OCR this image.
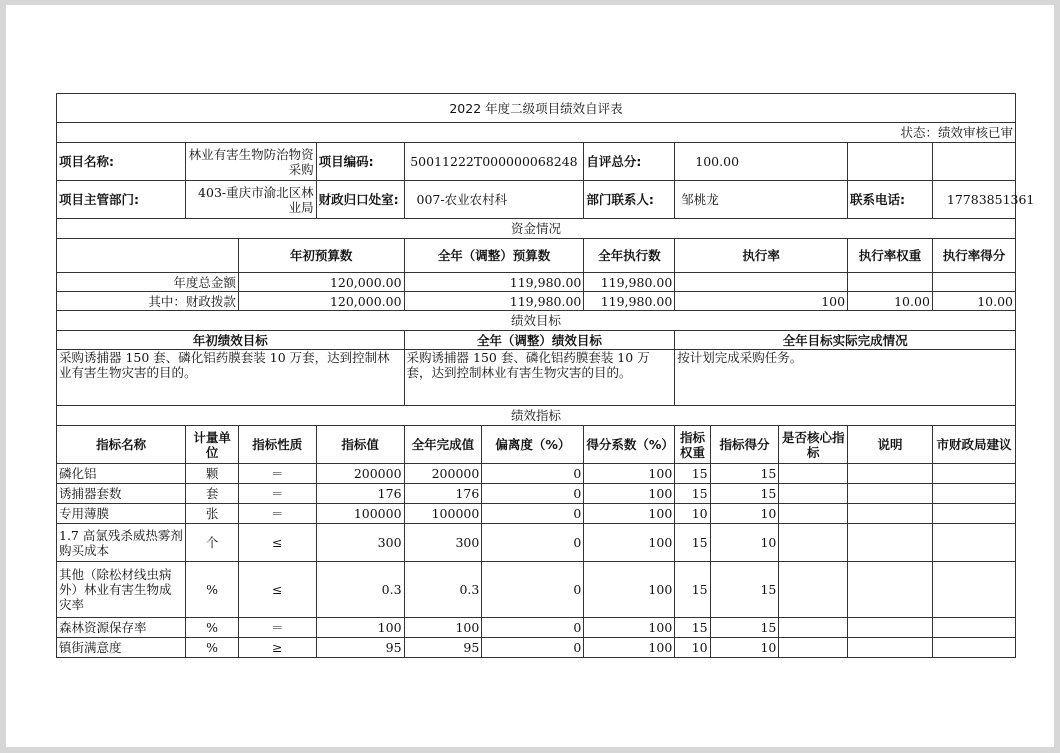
2022 年度二级项目绩效自评表											
状态：绩效审核已审											
项目名称:	林业有害生物防治物资采购		项目编码:	50011222T000000068248		自评总分:	100.00				
项目主管部门:	403-重庆市渝北区林业局		财政归口处室:	007-农业农村科		部门联系人:	邹桃龙			联系电话:	17783851361
资金情况											
		年初预算数		全年（调整）预算数		全年执行数	执行率			执行率权重	执行率得分
年度总金额		120,000.00		119,980.00		119,980.00					
其中：财政拨款		120,000.00		119,980.00		119,980.00	100			10.00	10.00
绩效目标											
年初绩效目标				全年（调整）绩效目标			全年目标实际完成情况				
采购诱捕器 150 套、磷化铝药膜套装 10 万套，达到控制林业有害生物灾害的目的。				采购诱捕器 150 套、磷化铝药膜套装 10 万套，达到控制林业有害生物灾害的目的。			按计划完成采购任务。				
绩效指标											
指标名称	计量单位	指标性质	指标值	全年完成值	偏离度（%）	得分系数（%）	指标权重	指标得分	是否核心指标	说明	市财政局建议
磷化铝	颗	＝	200000	200000	0	100	15	15			
诱捕器套数	套	＝	176	176	0	100	15	15			
专用薄膜	张	＝	100000	100000	0	100	10	10			
1.7 高氯残杀威热雾剂购买成本	个	≤	300	300	0	100	15	10			
其他（除松材线虫病外）林业有害生物成灾率	%	≤	0.3	0.3	0	100	15	15			
森林资源保存率	%	＝	100	100	0	100	15	15			
镇街满意度	%	≥	95	95	0	100	10	10			
